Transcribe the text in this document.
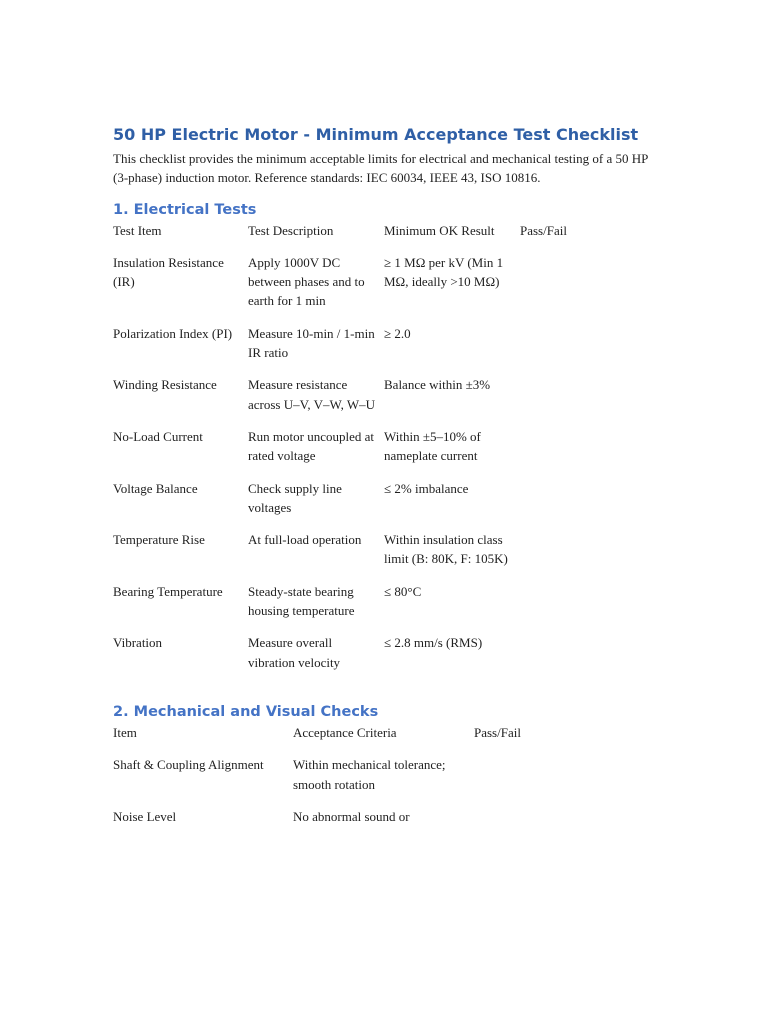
50 HP Electric Motor - Minimum Acceptance Test Checklist

This checklist provides the minimum acceptable limits for electrical and mechanical testing of a 50 HP (3-phase) induction motor. Reference standards: IEC 60034, IEEE 43, ISO 10816.

1. Electrical Tests
Test Item	Test Description	Minimum OK Result	Pass/Fail
Insulation Resistance (IR)	Apply 1000V DC between phases and to earth for 1 min	≥ 1 MΩ per kV (Min 1 MΩ, ideally >10 MΩ)	
Polarization Index (PI)	Measure 10-min / 1-min IR ratio	≥ 2.0	
Winding Resistance	Measure resistance across U–V, V–W, W–U	Balance within ±3%	
No-Load Current	Run motor uncoupled at rated voltage	Within ±5–10% of nameplate current	
Voltage Balance	Check supply line voltages	≤ 2% imbalance	
Temperature Rise	At full-load operation	Within insulation class limit (B: 80K, F: 105K)	
Bearing Temperature	Steady-state bearing housing temperature	≤ 80°C	
Vibration	Measure overall vibration velocity	≤ 2.8 mm/s (RMS)	
2. Mechanical and Visual Checks
Item	Acceptance Criteria	Pass/Fail
Shaft & Coupling Alignment	Within mechanical tolerance; smooth rotation	
Noise Level	No abnormal sound or	
